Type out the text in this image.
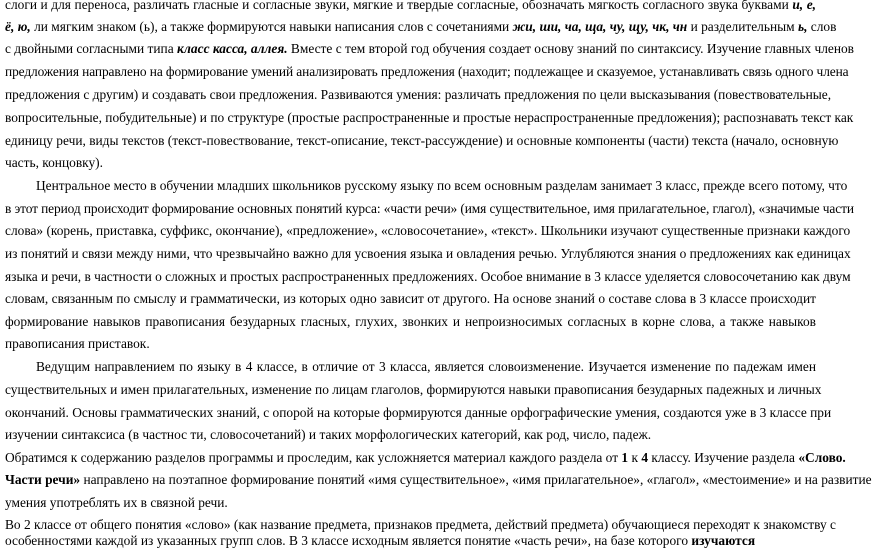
слоги и для переноса, различать гласные и согласные звуки, мягкие и твердые согласные, обозначать мягкость согласного звука буквами и, е,
ё, ю, ли мягким знаком (ь), а также формируются навыки написания слов с сочетаниями жи, ши, ча, ща, чу, щу, чк, чн и разделительным ь, слов
с двойными согласными типа класс касса, аллея. Вместе с тем второй год обучения создает основу знаний по синтаксису. Изучение главных членов
предложения направлено на формирование умений анализировать предложения (находит; подлежащее и сказуемое, устанавливать связь одного члена
предложения с другим) и создавать свои предложения. Развиваются умения: различать предложения по цели высказывания (повествовательные,
вопросительные, побудительные) и по структуре (простые распространенные и простые нераспространенные предложения); распознавать текст как
единицу речи, виды текстов (текст-повествование, текст-описание, текст-рассуждение) и основные компоненты (части) текста (начало, основную
часть, концовку).
Центральное место в обучении младших школьников русскому языку по всем основным разделам занимает 3 класс, прежде всего потому, что
в этот период происходит формирование основных понятий курса: «части речи» (имя существительное, имя прилагательное, глагол), «значимые части
слова» (корень, приставка, суффикс, окончание), «предложение», «словосочетание», «текст». Школьники изучают существенные признаки каждого
из понятий и связи между ними, что чрезвычайно важно для усвоения языка и овладения речью. Углубляются знания о предложениях как единицах
языка и речи, в частности о сложных и простых распространенных предложениях. Особое внимание в 3 классе уделяется словосочетанию как двум
словам, связанным по смыслу и грамматически, из которых одно зависит от другого. На основе знаний о составе слова в 3 классе происходит
формирование навыков правописания безударных гласных, глухих, звонких и непроизносимых согласных в корне слова, а также навыков
правописания приставок.
Ведущим направлением по языку в 4 классе, в отличие от 3 класса, является словоизменение. Изучается изменение по падежам имен
существительных и имен прилагательных, изменение по лицам глаголов, формируются навыки правописания безударных падежных и личных
окончаний. Основы грамматических знаний, с опорой на которые формируются данные орфографические умения, создаются уже в 3 классе при
изучении синтаксиса (в частнос ти, словосочетаний) и таких морфологических категорий, как род, число, падеж.
Обратимся к содержанию разделов программы и проследим, как усложняется материал каждого раздела от 1 к 4 классу. Изучение раздела «Слово.
Части речи» направлено на поэтапное формирование понятий «имя существительное», «имя прилагательное», «глагол», «местоимение» и на развитие
умения употреблять их в связной речи.
Во 2 классе от общего понятия «слово» (как название предмета, признаков предмета, действий предмета) обучающиеся переходят к знакомству с
особенностями каждой из указанных групп слов. В 3 классе исходным является понятие «часть речи», на базе которого изучаются
